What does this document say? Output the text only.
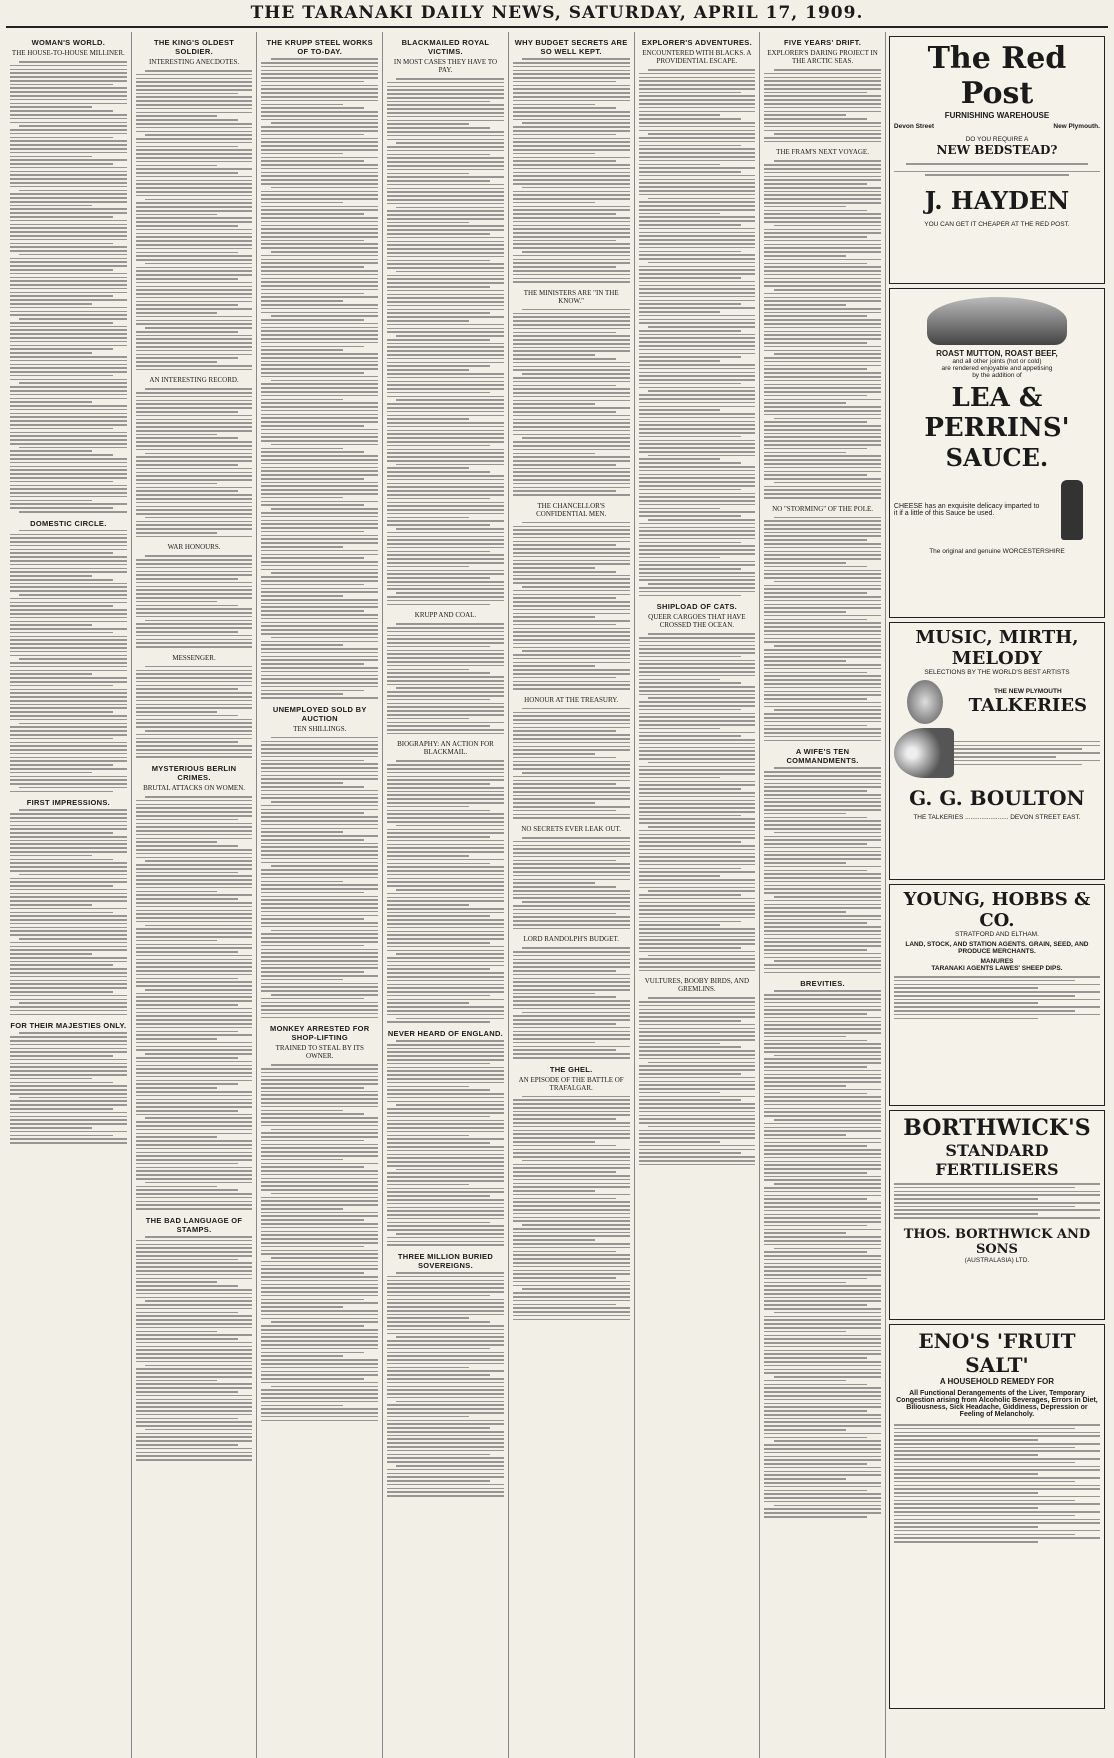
THE TARANAKI DAILY NEWS, SATURDAY, APRIL 17, 1909.
WOMAN'S WORLD.
THE HOUSE-TO-HOUSE MILLINER.
DOMESTIC CIRCLE.
FIRST IMPRESSIONS.
FOR THEIR MAJESTIES ONLY.
THE KING'S OLDEST SOLDIER.
INTERESTING ANECDOTES.
AN INTERESTING RECORD.
WAR HONOURS.
MESSENGER.
MYSTERIOUS BERLIN CRIMES.
BRUTAL ATTACKS ON WOMEN.
THE BAD LANGUAGE OF STAMPS.
THE KRUPP STEEL WORKS OF TO-DAY.
UNEMPLOYED SOLD BY AUCTION
TEN SHILLINGS.
MONKEY ARRESTED FOR SHOP-LIFTING
TRAINED TO STEAL BY ITS OWNER.
BLACKMAILED ROYAL VICTIMS.
IN MOST CASES THEY HAVE TO PAY.
KRUPP AND COAL.
BIOGRAPHY: AN ACTION FOR BLACKMAIL.
NEVER HEARD OF ENGLAND.
THREE MILLION BURIED SOVEREIGNS.
WHY BUDGET SECRETS ARE SO WELL KEPT.
THE MINISTERS ARE "IN THE KNOW."
THE CHANCELLOR'S CONFIDENTIAL MEN.
HONOUR AT THE TREASURY.
NO SECRETS EVER LEAK OUT.
LORD RANDOLPH'S BUDGET.
THE GHEL.
AN EPISODE OF THE BATTLE OF TRAFALGAR.
EXPLORER'S ADVENTURES.
ENCOUNTERED WITH BLACKS. A PROVIDENTIAL ESCAPE.
SHIPLOAD OF CATS.
QUEER CARGOES THAT HAVE CROSSED THE OCEAN.
VULTURES, BOOBY BIRDS, AND GREMLINS.
FIVE YEARS' DRIFT.
EXPLORER'S DARING PROJECT IN THE ARCTIC SEAS.
THE FRAM'S NEXT VOYAGE.
NO "STORMING" OF THE POLE.
A WIFE'S TEN COMMANDMENTS.
BREVITIES.
The Red Post
FURNISHING WAREHOUSE
Devon Street	New Plymouth.
DO YOU REQUIRE A
NEW BEDSTEAD?
J. HAYDEN
YOU CAN GET IT CHEAPER AT THE RED POST.
ROAST MUTTON, ROAST BEEF,
and all other joints (hot or cold)
are rendered enjoyable and appetising
by the addition of
LEA & PERRINS'
SAUCE.
CHEESE has an exquisite delicacy imparted to it if a little of this Sauce be used.
The original and genuine WORCESTERSHIRE
MUSIC, MIRTH, MELODY
SELECTIONS BY THE WORLD'S BEST ARTISTS
THE NEW PLYMOUTH
TALKERIES
G. G. BOULTON
THE TALKERIES ........................ DEVON STREET EAST.
YOUNG, HOBBS & CO.
STRATFORD AND ELTHAM.
LAND, STOCK, AND STATION AGENTS. GRAIN, SEED, AND PRODUCE MERCHANTS.
MANURES
TARANAKI AGENTS LAWES' SHEEP DIPS.
BORTHWICK'S
STANDARD FERTILISERS
THOS. BORTHWICK AND SONS
(AUSTRALASIA) LTD.
ENO'S 'FRUIT SALT'
A HOUSEHOLD REMEDY FOR
All Functional Derangements of the Liver, Temporary Congestion arising from Alcoholic Beverages, Errors in Diet, Biliousness, Sick Headache, Giddiness, Depression or Feeling of Melancholy.
